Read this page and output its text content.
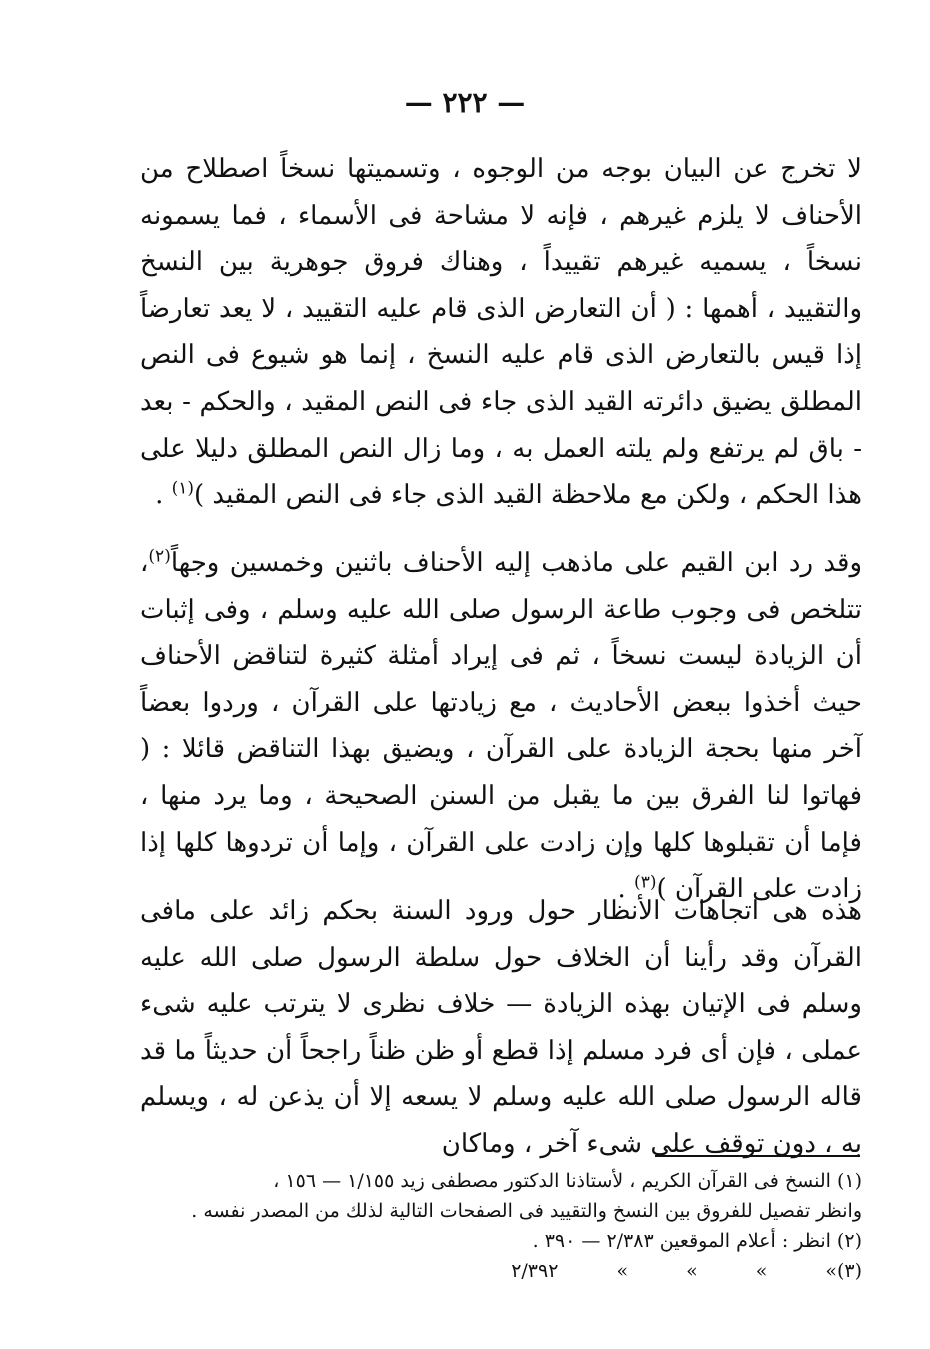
— ٢٢٢ —

لا تخرج عن البيان بوجه من الوجوه ، وتسميتها نسخاً اصطلاح من الأحناف لا يلزم غيرهم ، فإنه لا مشاحة فى الأسماء ، فما يسمونه نسخاً ، يسميه غيرهم تقييداً ، وهناك فروق جوهرية بين النسخ والتقييد ، أهمها : ( أن التعارض الذى قام عليه التقييد ، لا يعد تعارضاً إذا قيس بالتعارض الذى قام عليه النسخ ، إنما هو شيوع فى النص المطلق يضيق دائرته القيد الذى جاء فى النص المقيد ، والحكم - بعد - باق لم يرتفع ولم يلته العمل به ، وما زال النص المطلق دليلا على هذا الحكم ، ولكن مع ملاحظة القيد الذى جاء فى النص المقيد )$^{(١)}$ .

وقد رد ابن القيم على ماذهب إليه الأحناف باثنين وخمسين وجهاً$^{(٢)}$، تتلخص فى وجوب طاعة الرسول صلى الله عليه وسلم ، وفى إثبات أن الزيادة ليست نسخاً ، ثم فى إيراد أمثلة كثيرة لتناقض الأحناف حيث أخذوا ببعض الأحاديث ، مع زيادتها على القرآن ، وردوا بعضاً آخر منها بحجة الزيادة على القرآن ، ويضيق بهذا التناقض قائلا : ( فهاتوا لنا الفرق بين ما يقبل من السنن الصحيحة ، وما يرد منها ، فإما أن تقبلوها كلها وإن زادت على القرآن ، وإما أن تردوها كلها إذا زادت على القرآن )$^{(٣)}$ .

هذه هى اتجاهات الأنظار حول ورود السنة بحكم زائد على مافى القرآن وقد رأينا أن الخلاف حول سلطة الرسول صلى الله عليه وسلم فى الإتيان بهذه الزيادة — خلاف نظرى لا يترتب عليه شىء عملى ، فإن أى فرد مسلم إذا قطع أو ظن ظناً راجحاً أن حديثاً ما قد قاله الرسول صلى الله عليه وسلم لا يسعه إلا أن يذعن له ، ويسلم به ، دون توقف على شىء آخر ، وماكان

(١) النسخ فى القرآن الكريم ، لأستاذنا الدكتور مصطفى زيد ١/١٥٥ — ١٥٦ ،

وانظر تفصيل للفروق بين النسخ والتقييد فى الصفحات التالية لذلك من المصدر نفسه .

(٢) انظر : أعلام الموقعين ٢/٣٨٣ — ٣٩٠ .

(٣)»»»»٢/٣٩٢
